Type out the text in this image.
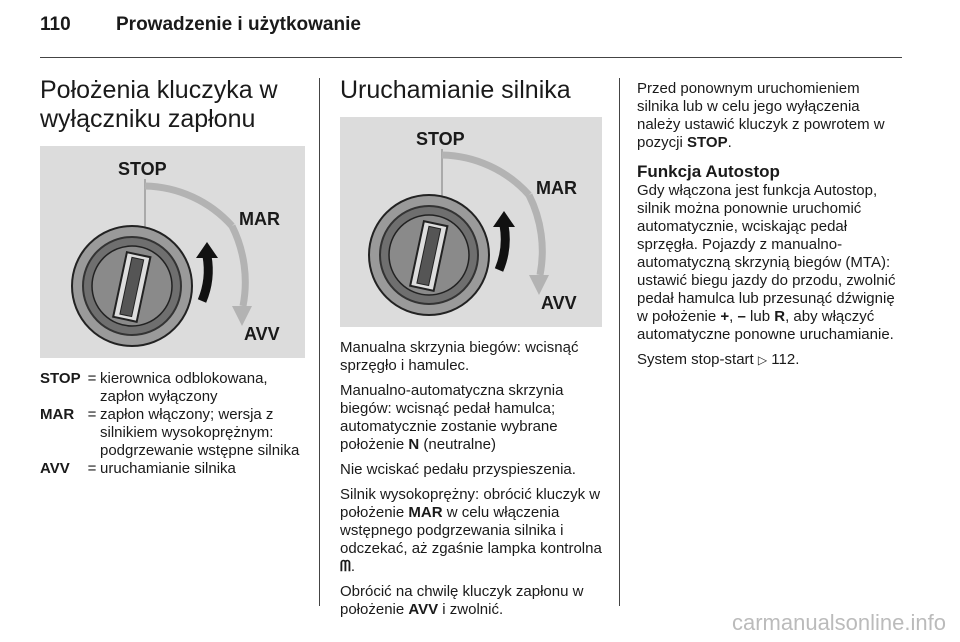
110 Prowadzenie i użytkowanie
Położenia kluczyka w wyłączniku zapłonu
STOP
MAR
AVV
STOP = kierownica odblokowana, zapłon wyłączony
MAR = zapłon włączony; wersja z silnikiem wysokoprężnym: podgrzewanie wstępne silnika
AVV	= uruchamianie silnika
Uruchamianie silnika
STOP
MAR
AVV

Manualna skrzynia biegów: wcisnąć sprzęgło i hamulec.

Manualno-automatyczna skrzynia biegów: wcisnąć pedał hamulca; automatycznie zostanie wybrane położenie N (neutralne)

Nie wciskać pedału przyspieszenia.

Silnik wysokoprężny: obrócić kluczyk w położenie MAR w celu włączenia wstępnego podgrzewania silnika i odczekać, aż zgaśnie lampka kontrolna ᗰ.

Obrócić na chwilę kluczyk zapłonu w położenie AVV i zwolnić.

Przed ponownym uruchomieniem silnika lub w celu jego wyłączenia należy ustawić kluczyk z powrotem w pozycji STOP.

Funkcja Autostop

Gdy włączona jest funkcja Autostop, silnik można ponownie uruchomić automatycznie, wciskając pedał sprzęgła. Pojazdy z manualno-automatyczną skrzynią biegów (MTA): ustawić biegu jazdy do przodu, zwolnić pedał hamulca lub przesunąć dźwignię w położenie +, – lub R, aby włączyć automatyczne ponowne uruchamianie.

System stop-start ▷ 112.

carmanualsonline.info
